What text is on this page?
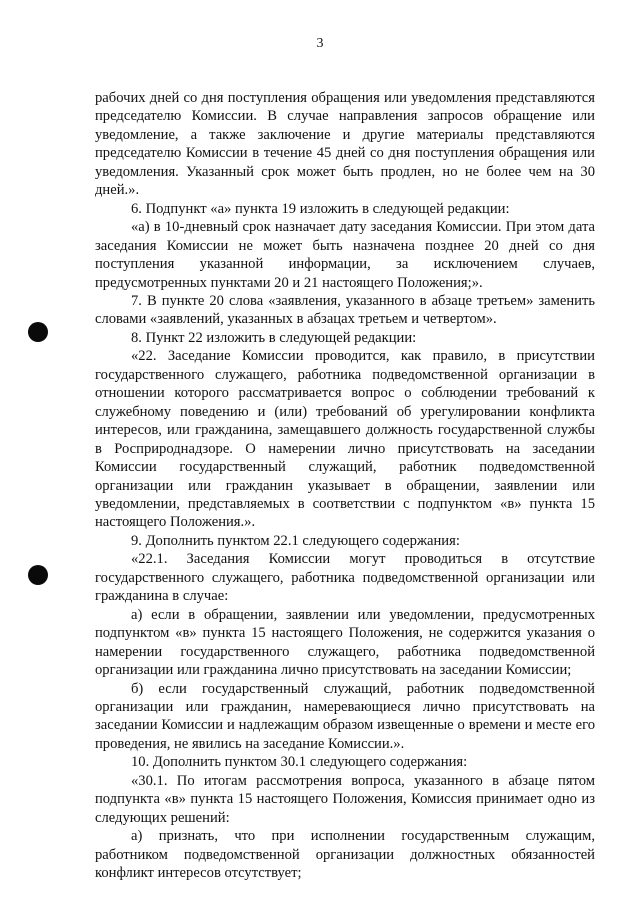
3

рабочих дней со дня поступления обращения или уведомления представляются председателю Комиссии. В случае направления запросов обращение или уведомление, а также заключение и другие материалы представляются председателю Комиссии в течение 45 дней со дня поступления обращения или уведомления. Указанный срок может быть продлен, но не более чем на 30 дней.».

6. Подпункт «а» пункта 19 изложить в следующей редакции:

«а) в 10-дневный срок назначает дату заседания Комиссии. При этом дата заседания Комиссии не может быть назначена позднее 20 дней со дня поступления указанной информации, за исключением случаев, предусмотренных пунктами 20 и 21 настоящего Положения;».

7. В пункте 20 слова «заявления, указанного в абзаце третьем» заменить словами «заявлений, указанных в абзацах третьем и четвертом».

8. Пункт 22 изложить в следующей редакции:

«22. Заседание Комиссии проводится, как правило, в присутствии государственного служащего, работника подведомственной организации в отношении которого рассматривается вопрос о соблюдении требований к служебному поведению и (или) требований об урегулировании конфликта интересов, или гражданина, замещавшего должность государственной службы в Росприроднадзоре. О намерении лично присутствовать на заседании Комиссии государственный служащий, работник подведомственной организации или гражданин указывает в обращении, заявлении или уведомлении, представляемых в соответствии с подпунктом «в» пункта 15 настоящего Положения.».

9. Дополнить пунктом 22.1 следующего содержания:

«22.1. Заседания Комиссии могут проводиться в отсутствие государственного служащего, работника подведомственной организации или гражданина в случае:

а) если в обращении, заявлении или уведомлении, предусмотренных подпунктом «в» пункта 15 настоящего Положения, не содержится указания о намерении государственного служащего, работника подведомственной организации или гражданина лично присутствовать на заседании Комиссии;

б) если государственный служащий, работник подведомственной организации или гражданин, намеревающиеся лично присутствовать на заседании Комиссии и надлежащим образом извещенные о времени и месте его проведения, не явились на заседание Комиссии.».

10. Дополнить пунктом 30.1 следующего содержания:

«30.1. По итогам рассмотрения вопроса, указанного в абзаце пятом подпункта «в» пункта 15 настоящего Положения, Комиссия принимает одно из следующих решений:

а) признать, что при исполнении государственным служащим, работником подведомственной организации должностных обязанностей конфликт интересов отсутствует;
